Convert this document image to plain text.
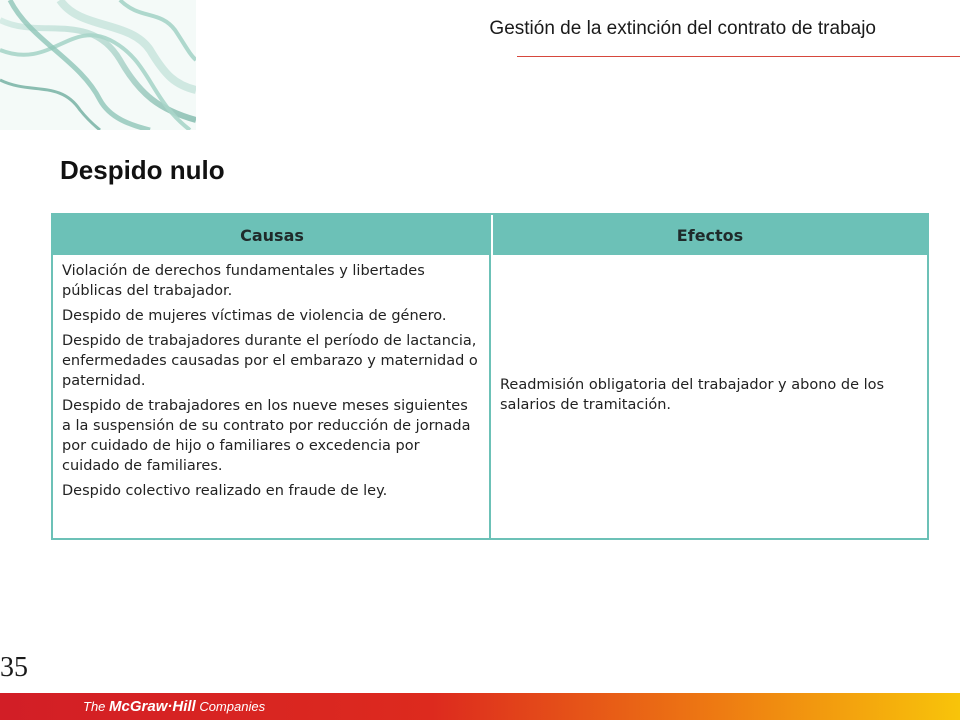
Gestión de la extinción del contrato de trabajo
Despido nulo
Causas	Efectos

Violación de derechos fundamentales y libertades públicas del trabajador.

Despido de mujeres víctimas de violencia de género.

Despido de trabajadores durante el período de lactancia, enfermedades causadas por el embarazo y maternidad o paternidad.

Despido de trabajadores en los nueve meses siguientes a la suspensión de su contrato por reducción de jornada por cuidado de hijo o familiares o excedencia por cuidado de familiares.

Despido colectivo realizado en fraude de ley.

Readmisión obligatoria del trabajador y abono de los salarios de tramitación.
35
The McGraw·Hill Companies
